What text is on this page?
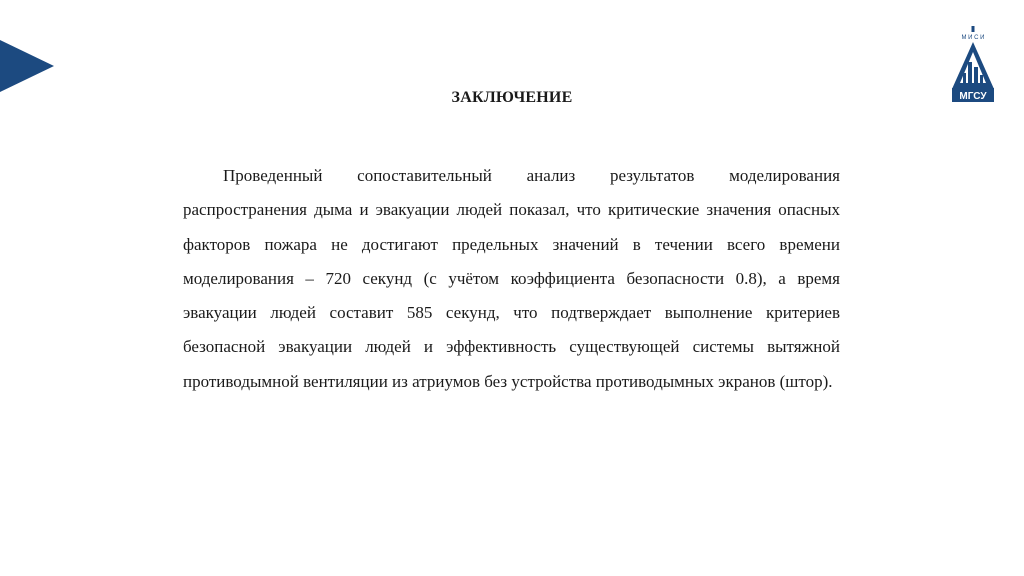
М И С И
МГСУ
ЗАКЛЮЧЕНИЕ

Проведенный сопоставительный анализ результатов моделирования распространения дыма и эвакуации людей показал, что критические значения опасных факторов пожара не достигают предельных значений в течении всего времени моделирования – 720 секунд (с учётом коэффициента безопасности 0.8), а время эвакуации людей составит 585 секунд, что подтверждает выполнение критериев безопасной эвакуации людей и эффективность существующей системы вытяжной противодымной вентиляции из атриумов без устройства противодымных экранов (штор).
